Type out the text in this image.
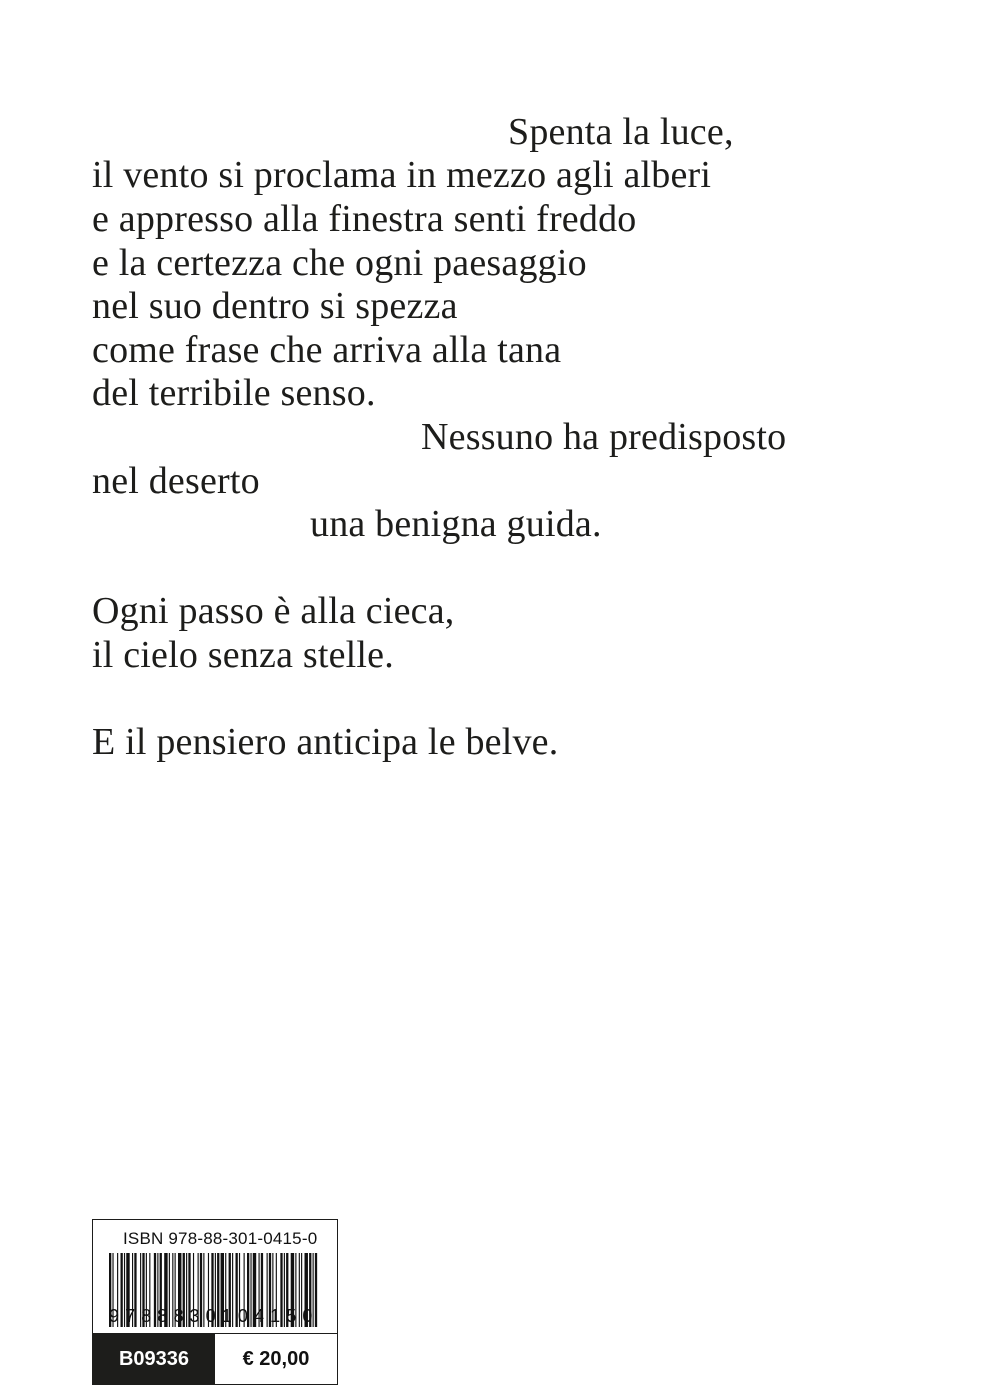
Spenta la luce,
il vento si proclama in mezzo agli alberi
e appresso alla finestra senti freddo
e la certezza che ogni paesaggio
nel suo dentro si spezza
come frase che arriva alla tana
del terribile senso.
Nessuno ha predisposto
nel deserto
una benigna guida.
Ogni passo è alla cieca,
il cielo senza stelle.
E il pensiero anticipa le belve.
ISBN 978-88-301-0415-0
9788830104150
B09336	€ 20,00
